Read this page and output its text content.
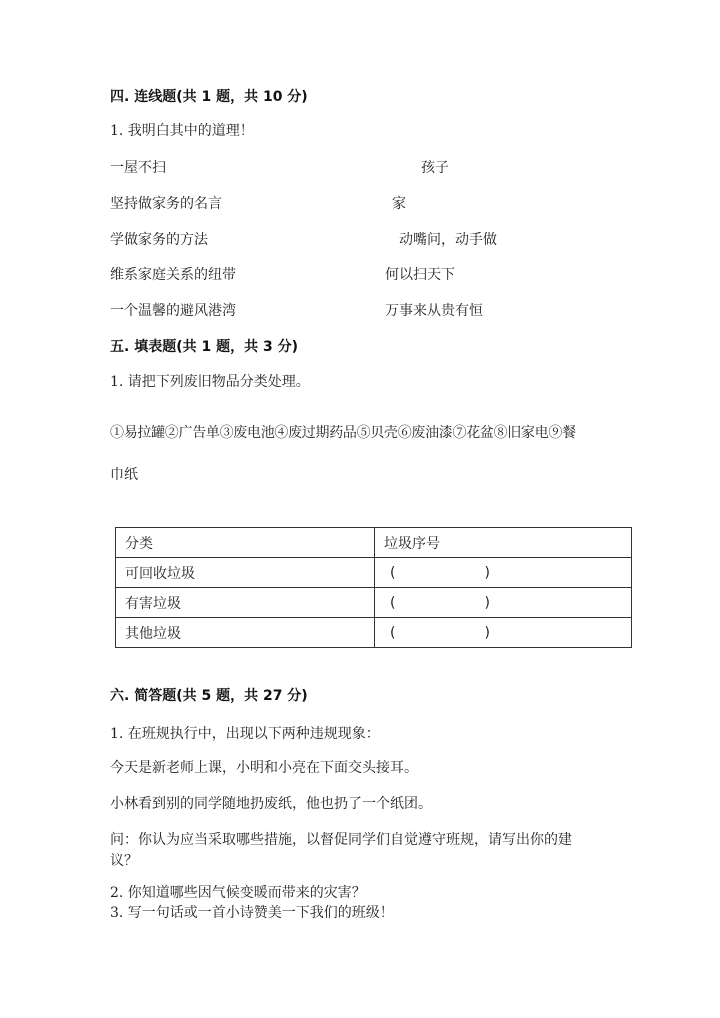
四. 连线题(共 1 题，共 10 分)
1. 我明白其中的道理！
一屋不扫
坚持做家务的名言
学做家务的方法
维系家庭关系的纽带
一个温馨的避风港湾
孩子
家
动嘴问，动手做
何以扫天下
万事来从贵有恒
五. 填表题(共 1 题，共 3 分)
1. 请把下列废旧物品分类处理。
①易拉罐②广告单③废电池④废过期药品⑤贝壳⑥废油漆⑦花盆⑧旧家电⑨餐
巾纸
分类	垃圾序号
可回收垃圾	( )

有害垃圾	( )

其他垃圾	( )
六. 简答题(共 5 题，共 27 分)
1. 在班规执行中，出现以下两种违规现象：
今天是新老师上课，小明和小亮在下面交头接耳。
小林看到别的同学随地扔废纸，他也扔了一个纸团。
问：你认为应当采取哪些措施，以督促同学们自觉遵守班规，请写出你的建
议？
2. 你知道哪些因气候变暖而带来的灾害？
3. 写一句话或一首小诗赞美一下我们的班级！
